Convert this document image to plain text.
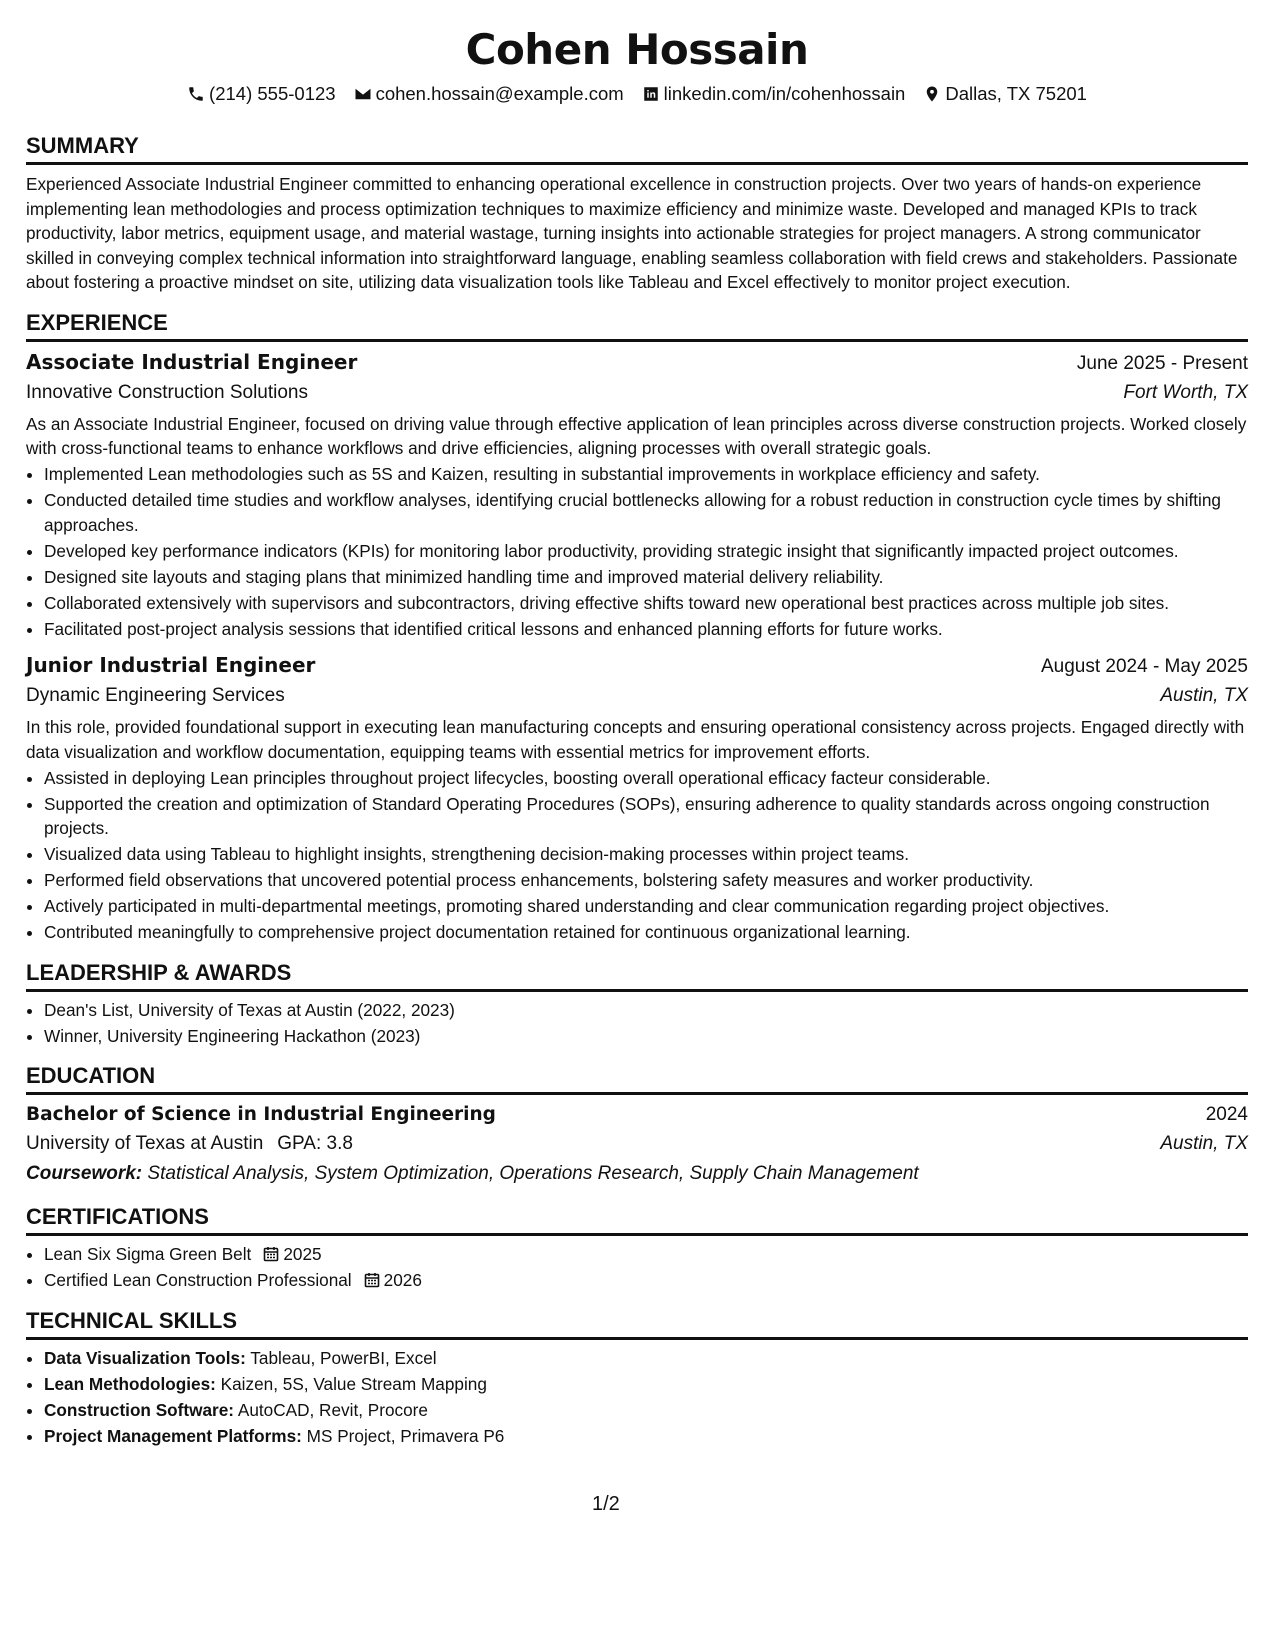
Cohen Hossain
(214) 555-0123 cohen.hossain@example.com linkedin.com/in/cohenhossain Dallas, TX 75201
SUMMARY
Experienced Associate Industrial Engineer committed to enhancing operational excellence in construction projects. Over two years of hands-on experience implementing lean methodologies and process optimization techniques to maximize efficiency and minimize waste. Developed and managed KPIs to track productivity, labor metrics, equipment usage, and material wastage, turning insights into actionable strategies for project managers. A strong communicator skilled in conveying complex technical information into straightforward language, enabling seamless collaboration with field crews and stakeholders. Passionate about fostering a proactive mindset on site, utilizing data visualization tools like Tableau and Excel effectively to monitor project execution.
EXPERIENCE
Associate Industrial Engineer	June 2025 - Present
Innovative Construction Solutions	Fort Worth, TX
As an Associate Industrial Engineer, focused on driving value through effective application of lean principles across diverse construction projects. Worked closely with cross-functional teams to enhance workflows and drive efficiencies, aligning processes with overall strategic goals.
• Implemented Lean methodologies such as 5S and Kaizen, resulting in substantial improvements in workplace efficiency and safety.
• Conducted detailed time studies and workflow analyses, identifying crucial bottlenecks allowing for a robust reduction in construction cycle times by shifting approaches.
• Developed key performance indicators (KPIs) for monitoring labor productivity, providing strategic insight that significantly impacted project outcomes.
• Designed site layouts and staging plans that minimized handling time and improved material delivery reliability.
• Collaborated extensively with supervisors and subcontractors, driving effective shifts toward new operational best practices across multiple job sites.
• Facilitated post-project analysis sessions that identified critical lessons and enhanced planning efforts for future works.
Junior Industrial Engineer	August 2024 - May 2025
Dynamic Engineering Services	Austin, TX
In this role, provided foundational support in executing lean manufacturing concepts and ensuring operational consistency across projects. Engaged directly with data visualization and workflow documentation, equipping teams with essential metrics for improvement efforts.
• Assisted in deploying Lean principles throughout project lifecycles, boosting overall operational efficacy facteur considerable.
• Supported the creation and optimization of Standard Operating Procedures (SOPs), ensuring adherence to quality standards across ongoing construction projects.
• Visualized data using Tableau to highlight insights, strengthening decision-making processes within project teams.
• Performed field observations that uncovered potential process enhancements, bolstering safety measures and worker productivity.
• Actively participated in multi-departmental meetings, promoting shared understanding and clear communication regarding project objectives.
• Contributed meaningfully to comprehensive project documentation retained for continuous organizational learning.
LEADERSHIP & AWARDS
• Dean's List, University of Texas at Austin (2022, 2023)
• Winner, University Engineering Hackathon (2023)
EDUCATION
Bachelor of Science in Industrial Engineering	2024
University of Texas at Austin GPA: 3.8	Austin, TX
Coursework: Statistical Analysis, System Optimization, Operations Research, Supply Chain Management
CERTIFICATIONS
• Lean Six Sigma Green Belt 2025
• Certified Lean Construction Professional 2026
TECHNICAL SKILLS
• Data Visualization Tools: Tableau, PowerBI, Excel
• Lean Methodologies: Kaizen, 5S, Value Stream Mapping
• Construction Software: AutoCAD, Revit, Procore
• Project Management Platforms: MS Project, Primavera P6
1/2
